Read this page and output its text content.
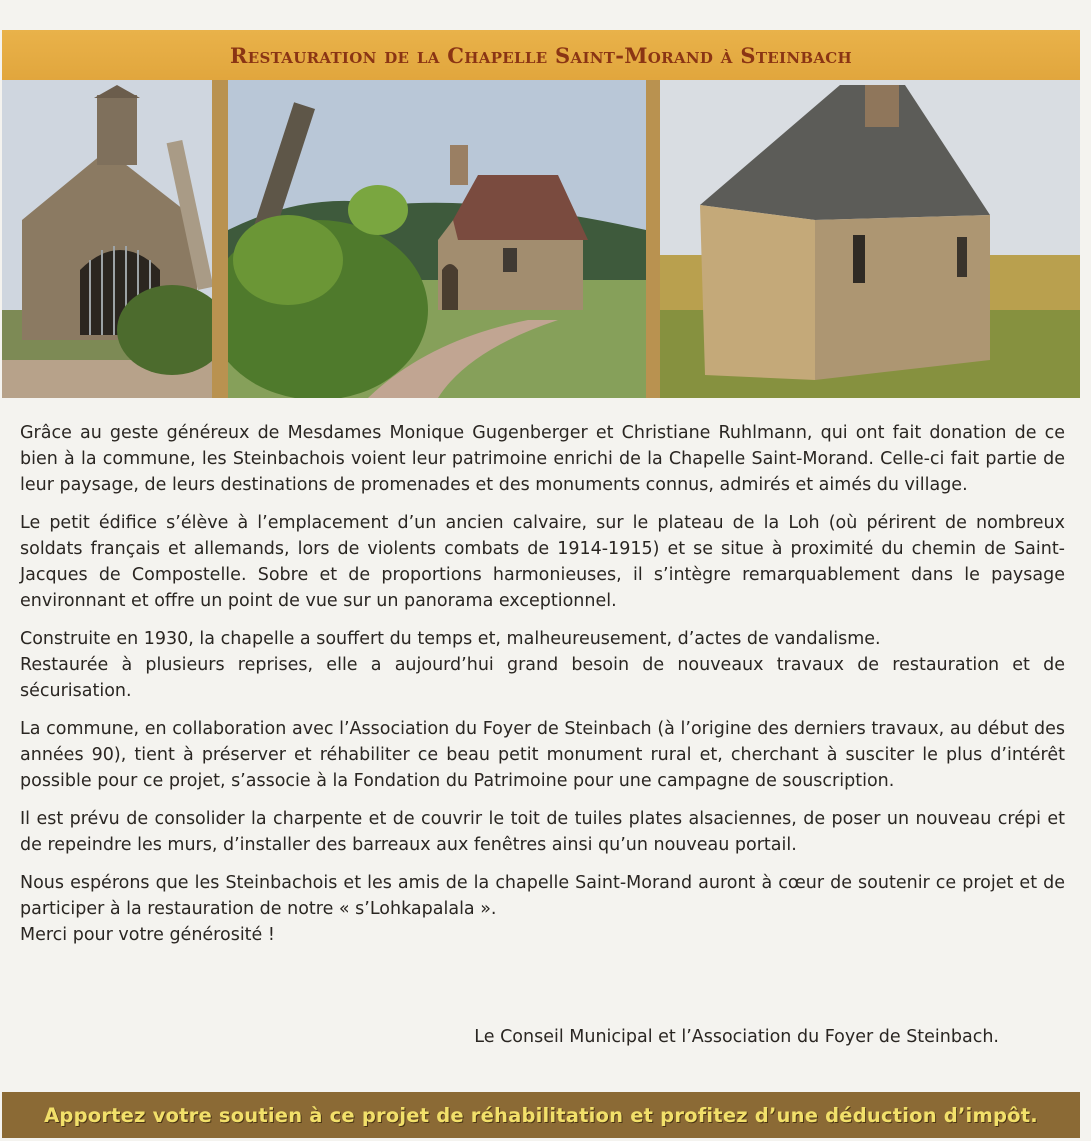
Restauration de la Chapelle Saint-Morand à Steinbach

Grâce au geste généreux de Mesdames Monique Gugenberger et Christiane Ruhlmann, qui ont fait donation de ce bien à la commune, les Steinbachois voient leur patrimoine enrichi de la Chapelle Saint-Morand. Celle-ci fait partie de leur paysage, de leurs destinations de promenades et des monuments connus, admirés et aimés du village.

Le petit édifice s’élève à l’emplacement d’un ancien calvaire, sur le plateau de la Loh (où périrent de nombreux soldats français et allemands, lors de violents combats de 1914-1915) et se situe à proximité du chemin de Saint-Jacques de Compostelle. Sobre et de proportions harmonieuses, il s’intègre remarquablement dans le paysage environnant et offre un point de vue sur un panorama exceptionnel.

Construite en 1930, la chapelle a souffert du temps et, malheureusement, d’actes de vandalisme.

Restaurée à plusieurs reprises, elle a aujourd’hui grand besoin de nouveaux travaux de restauration et de sécurisation.

La commune, en collaboration avec l’Association du Foyer de Steinbach (à l’origine des derniers travaux, au début des années 90), tient à préserver et réhabiliter ce beau petit monument rural et, cherchant à susciter le plus d’intérêt possible pour ce projet, s’associe à la Fondation du Patrimoine pour une campagne de souscription.

Il est prévu de consolider la charpente et de couvrir le toit de tuiles plates alsaciennes, de poser un nouveau crépi et de repeindre les murs, d’installer des barreaux aux fenêtres ainsi qu’un nouveau portail.

Nous espérons que les Steinbachois et les amis de la chapelle Saint-Morand auront à cœur de soutenir ce projet et de participer à la restauration de notre « s’Lohkapalala ».

Merci pour votre générosité !

Le Conseil Municipal et l’Association du Foyer de Steinbach.
Apportez votre soutien à ce projet de réhabilitation et profitez d’une déduction d’impôt.
